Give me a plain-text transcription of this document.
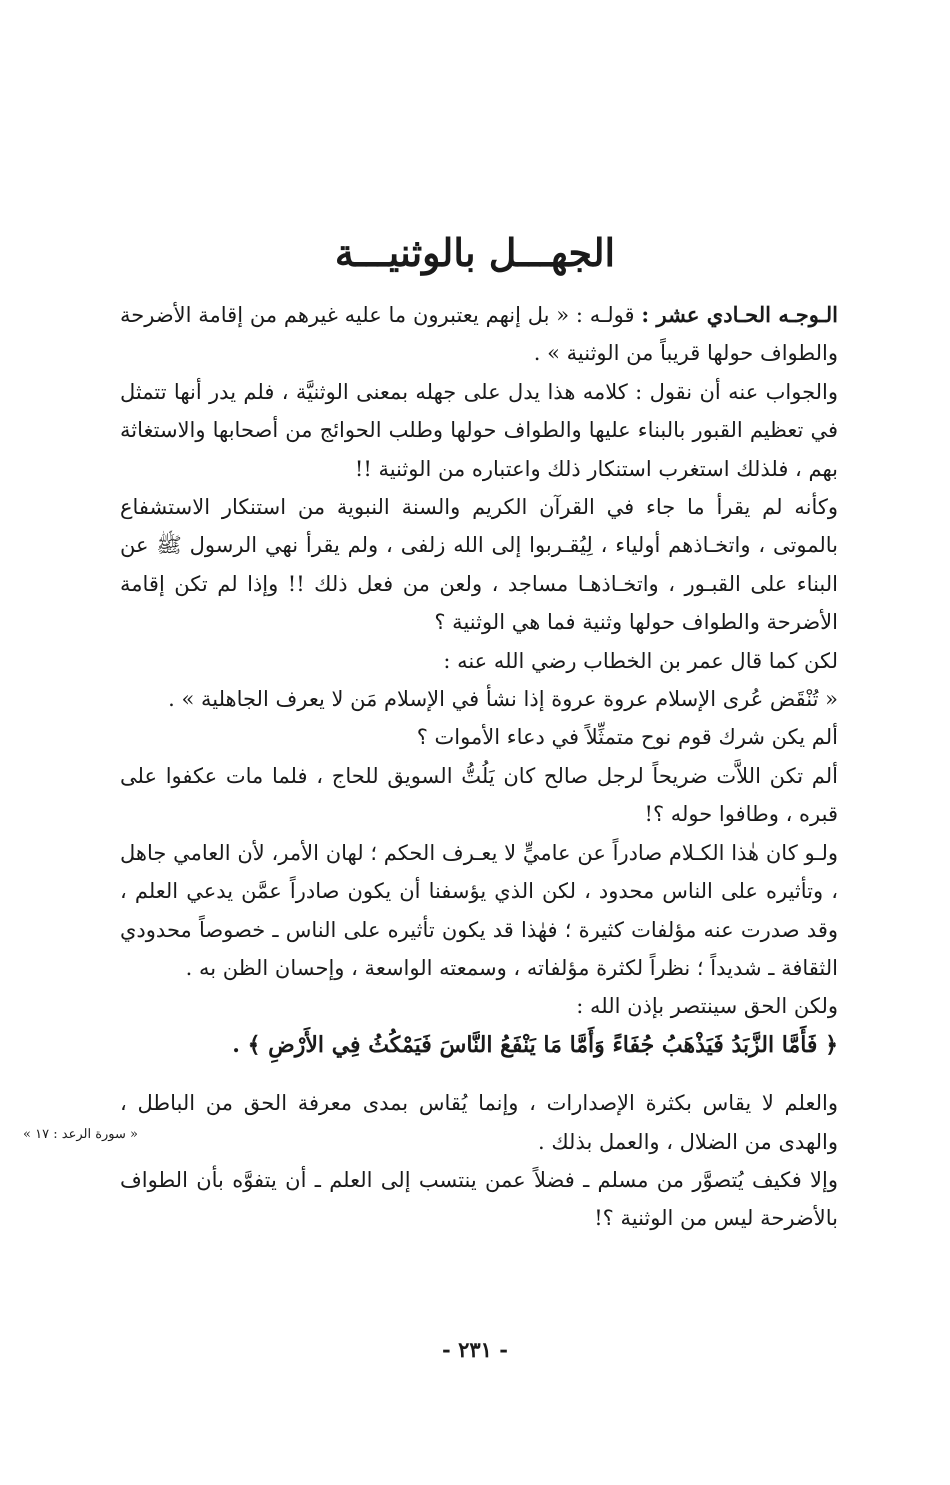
الجهـــل بالوثنيـــة

الـوجـه الحـادي عشر : قولـه : « بل إنهم يعتبرون ما عليه غيرهم من إقامة الأضرحة والطواف حولها قريباً من الوثنية » .

والجواب عنه أن نقول : كلامه هذا يدل على جهله بمعنى الوثنيَّة ، فلم يدر أنها تتمثل في تعظيم القبور بالبناء عليها والطواف حولها وطلب الحوائج من أصحابها والاستغاثة بهم ، فلذلك استغرب استنكار ذلك واعتباره من الوثنية !!

وكأنه لم يقرأ ما جاء في القرآن الكريم والسنة النبوية من استنكار الاستشفاع بالموتى ، واتخـاذهم أولياء ، لِيُقـربوا إلى الله زلفى ، ولم يقرأ نهي الرسول ﷺ عن البناء على القبـور ، واتخـاذهـا مساجد ، ولعن من فعل ذلك !! وإذا لم تكن إقامة الأضرحة والطواف حولها وثنية فما هي الوثنية ؟

لكن كما قال عمر بن الخطاب رضي الله عنه :

« تُنْقَض عُرى الإسلام عروة عروة إذا نشأ في الإسلام مَن لا يعرف الجاهلية » .

ألم يكن شرك قوم نوح متمثِّلاً في دعاء الأموات ؟

ألم تكن اللاَّت ضريحاً لرجل صالح كان يَلُتُّ السويق للحاج ، فلما مات عكفوا على قبره ، وطافوا حوله ؟!

ولـو كان هٰذا الكـلام صادراً عن عاميٍّ لا يعـرف الحكم ؛ لهان الأمر، لأن العامي جاهل ، وتأثيره على الناس محدود ، لكن الذي يؤسفنا أن يكون صادراً عمَّن يدعي العلم ، وقد صدرت عنه مؤلفات كثيرة ؛ فهٰذا قد يكون تأثيره على الناس ـ خصوصاً محدودي الثقافة ـ شديداً ؛ نظراً لكثرة مؤلفاته ، وسمعته الواسعة ، وإحسان الظن به .

ولكن الحق سينتصر بإذن الله :

﴿ فَأَمَّا الزَّبَدُ فَيَذْهَبُ جُفَاءً وَأَمَّا مَا يَنْفَعُ النَّاسَ فَيَمْكُثُ فِي الأَرْضِ ﴾ .

والعلم لا يقاس بكثرة الإصدارات ، وإنما يُقاس بمدى معرفة الحق من الباطل ، والهدى من الضلال ، والعمل بذلك .

وإلا فكيف يُتصوَّر من مسلم ـ فضلاً عمن ينتسب إلى العلم ـ أن يتفوَّه بأن الطواف بالأضرحة ليس من الوثنية ؟!

« سورة الرعد : ١٧ »
- ٢٣١ -
